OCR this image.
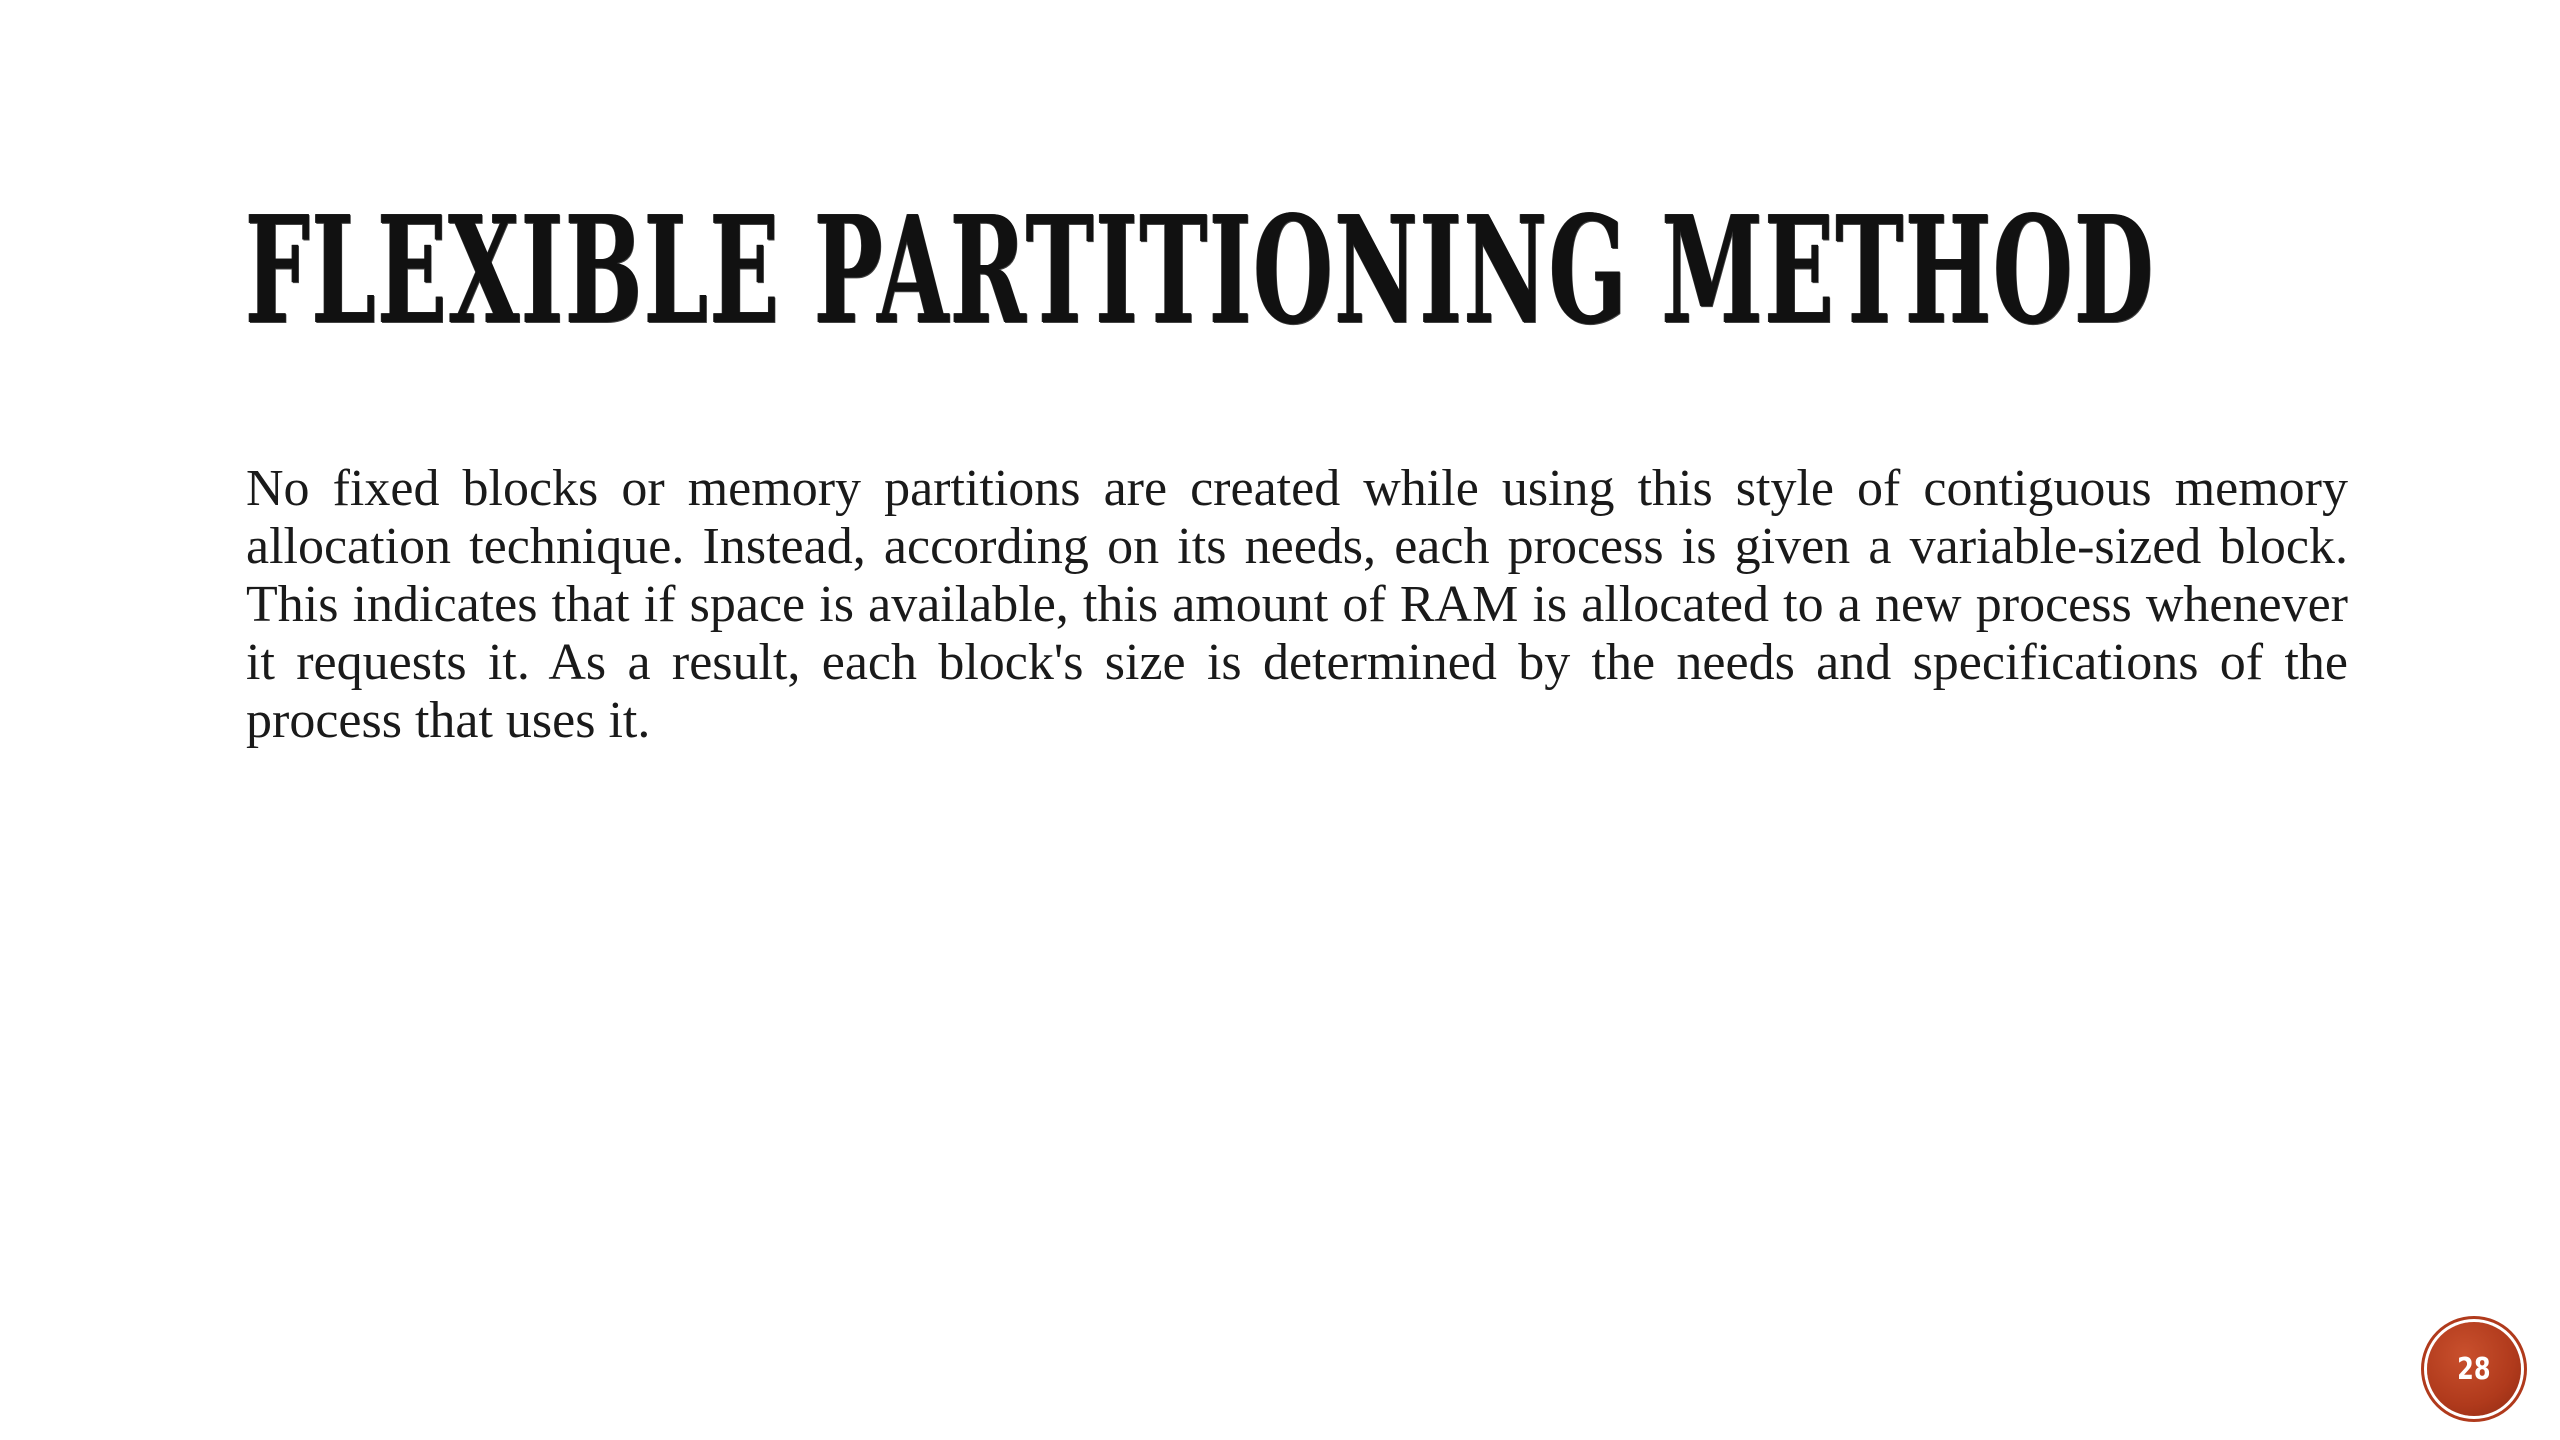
FLEXIBLE PARTITIONING METHOD

No fixed blocks or memory partitions are created while using this style of contiguous memory allocation technique. Instead, according on its needs, each process is given a variable-sized block. This indicates that if space is available, this amount of RAM is allocated to a new process whenever it requests it. As a result, each block's size is determined by the needs and specifications of the process that uses it.

28
